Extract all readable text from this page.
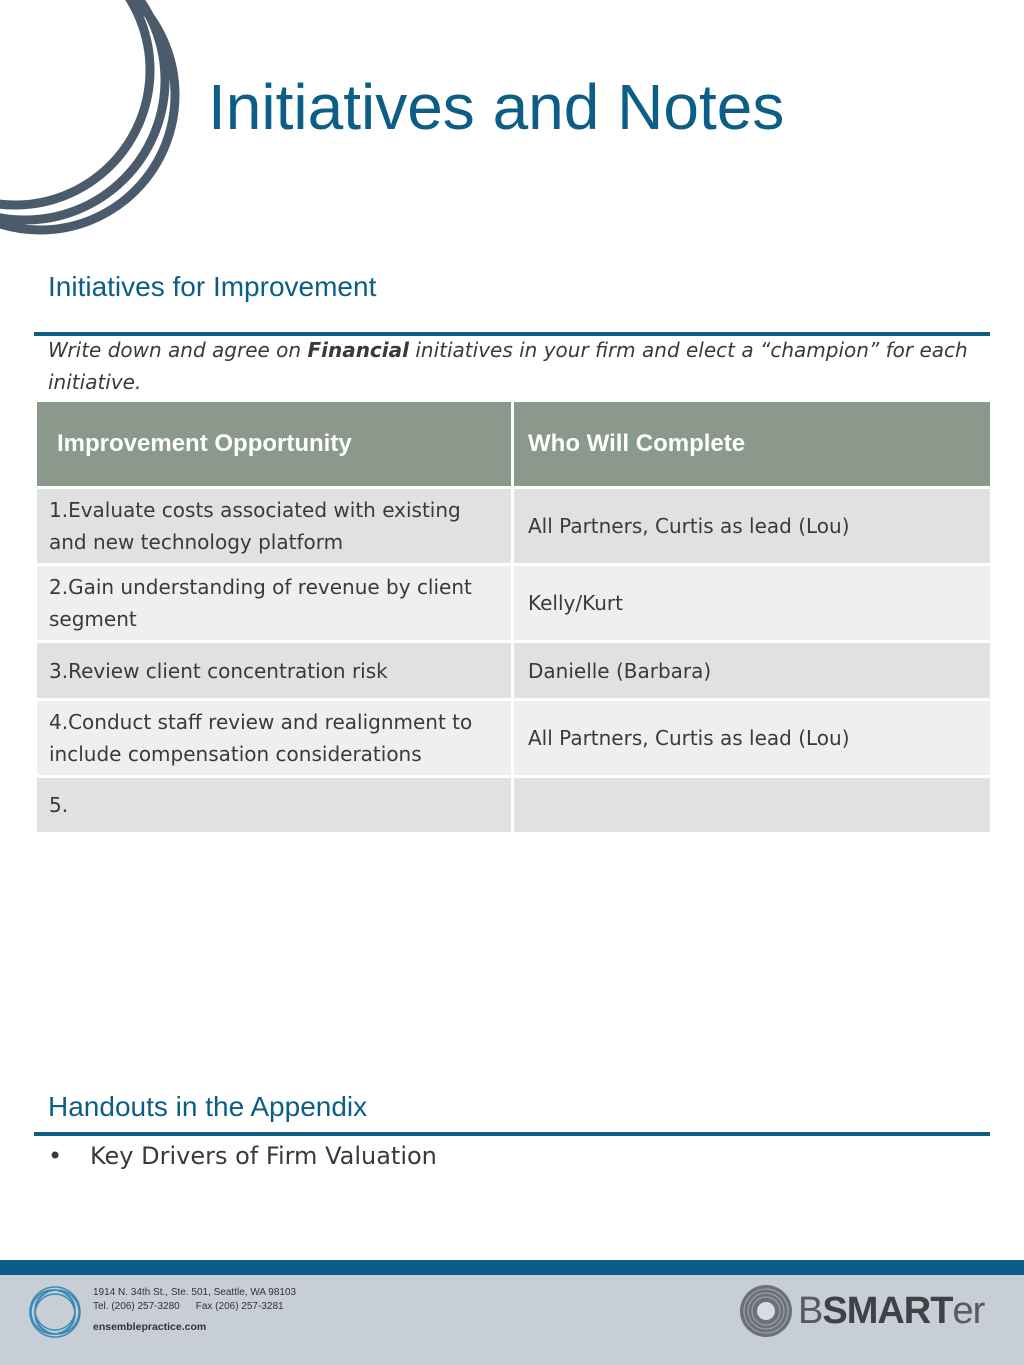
Initiatives and Notes
Initiatives for Improvement
Write down and agree on Financial initiatives in your firm and elect a “champion” for each initiative.
Improvement Opportunity	Who Will Complete
1.Evaluate costs associated with existing and new technology platform	All Partners, Curtis as lead (Lou)
2.Gain understanding of revenue by client segment	Kelly/Kurt
3.Review client concentration risk	Danielle (Barbara)
4.Conduct staff review and realignment to include compensation considerations	All Partners, Curtis as lead (Lou)
5.	
Handouts in the Appendix
• Key Drivers of Firm Valuation
1914 N. 34th St., Ste. 501, Seattle, WA 98103
Tel. (206) 257-3280 Fax (206) 257-3281
ensemblepractice.com	BSMARTer
